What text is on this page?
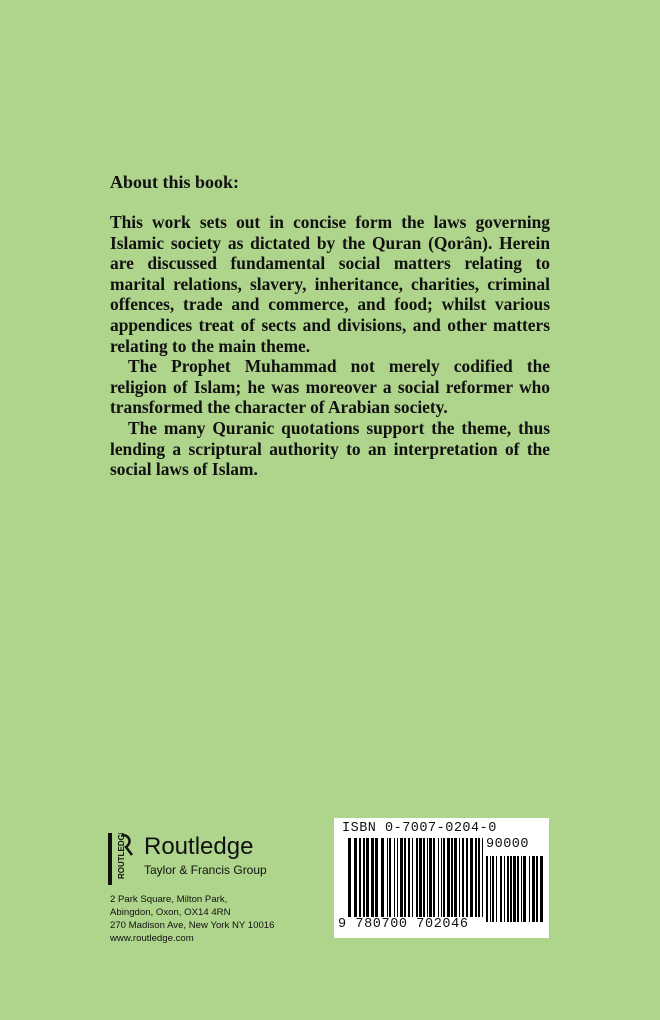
About this book:

This work sets out in concise form the laws governing Islamic society as dictated by the Quran (Qorân). Herein are discussed fundamental social matters relating to marital relations, slavery, inheritance, charities, criminal offences, trade and commerce, and food; whilst various appendices treat of sects and divisions, and other matters relating to the main theme.

The Prophet Muhammad not merely codified the religion of Islam; he was moreover a social reformer who transformed the character of Arabian society.

The many Quranic quotations support the theme, thus lending a scriptural authority to an interpretation of the social laws of Islam.

ROUTLEDGE Routledge
Taylor & Francis Group
2 Park Square, Milton Park,
Abingdon, Oxon, OX14 4RN
270 Madison Ave, New York NY 10016
www.routledge.com
ISBN 0-7007-0204-0
90000
9 780700 702046
